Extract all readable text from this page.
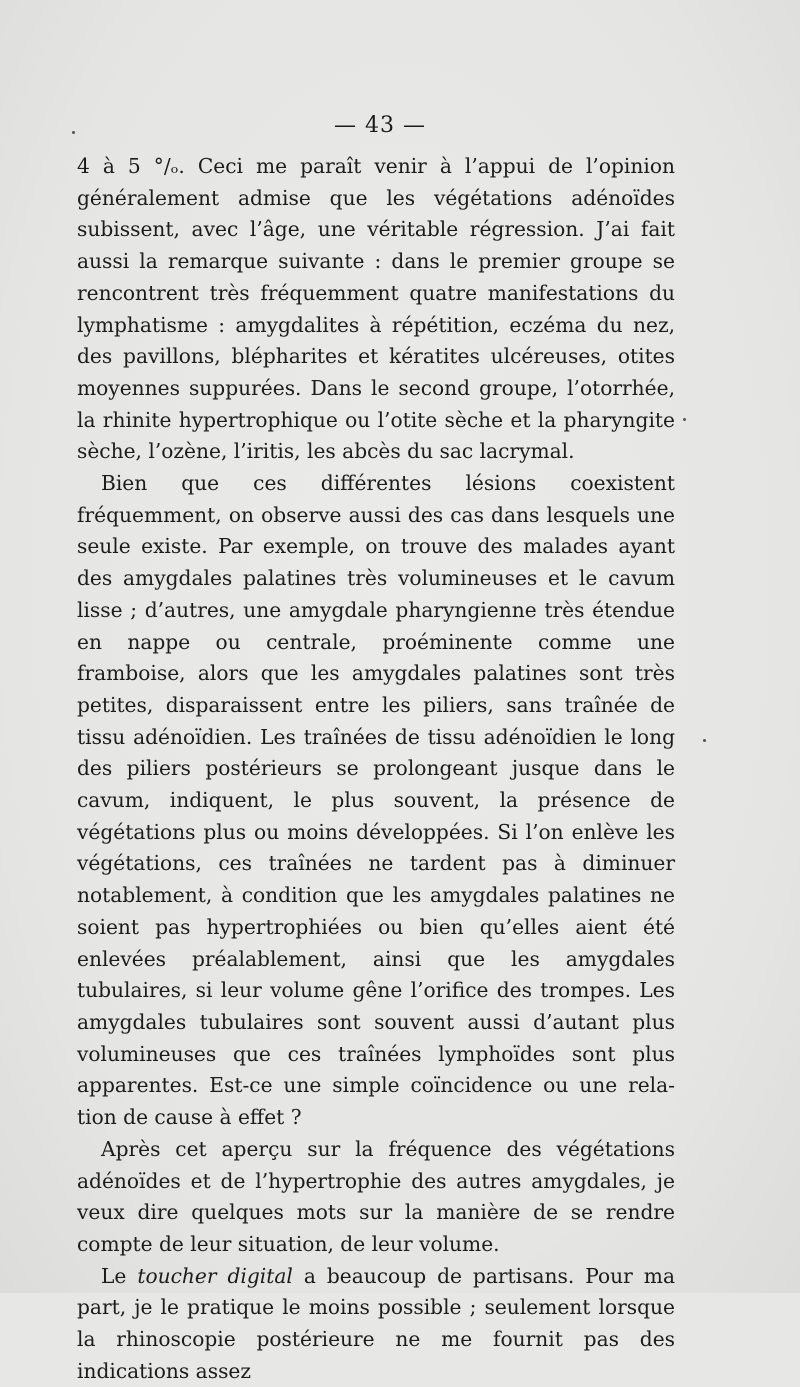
— 43 —

4 à 5 °/ₒ. Ceci me paraît venir à l’appui de l’opinion généralement admise que les végétations adénoïdes subissent, avec l’âge, une véritable régression. J’ai fait aussi la remarque suivante : dans le premier groupe se rencontrent très fréquemment quatre manifestations du lymphatisme : amygdalites à répétition, eczéma du nez, des pavillons, blépharites et kératites ulcéreuses, otites moyennes suppurées. Dans le second groupe, l’otorrhée, la rhinite hypertrophique ou l’otite sèche et la pharyngite sèche, l’ozène, l’iritis, les abcès du sac lacrymal.

Bien que ces différentes lésions coexistent fréquemment, on observe aussi des cas dans lesquels une seule existe. Par exemple, on trouve des malades ayant des amygdales palatines très volumineuses et le cavum lisse ; d’autres, une amygdale pharyngienne très étendue en nappe ou centrale, proéminente comme une framboise, alors que les amygdales palatines sont très petites, disparaissent entre les piliers, sans traînée de tissu adénoïdien. Les traînées de tissu adénoïdien le long des piliers postérieurs se prolongeant jusque dans le cavum, indiquent, le plus souvent, la présence de végétations plus ou moins développées. Si l’on enlève les végétations, ces traînées ne tardent pas à diminuer notablement, à condition que les amygdales palatines ne soient pas hypertrophiées ou bien qu’elles aient été enlevées préalablement, ainsi que les amygdales tubulaires, si leur volume gêne l’orifice des trompes. Les amygdales tubulaires sont souvent aussi d’autant plus volumineuses que ces traînées lymphoïdes sont plus apparentes. Est-ce une simple coïncidence ou une relation de cause à effet ?

Après cet aperçu sur la fréquence des végétations adénoïdes et de l’hypertrophie des autres amygdales, je veux dire quelques mots sur la manière de se rendre compte de leur situation, de leur volume.

Le toucher digital a beaucoup de partisans. Pour ma part, je le pratique le moins possible ; seulement lorsque la rhinoscopie postérieure ne me fournit pas des indications assez
